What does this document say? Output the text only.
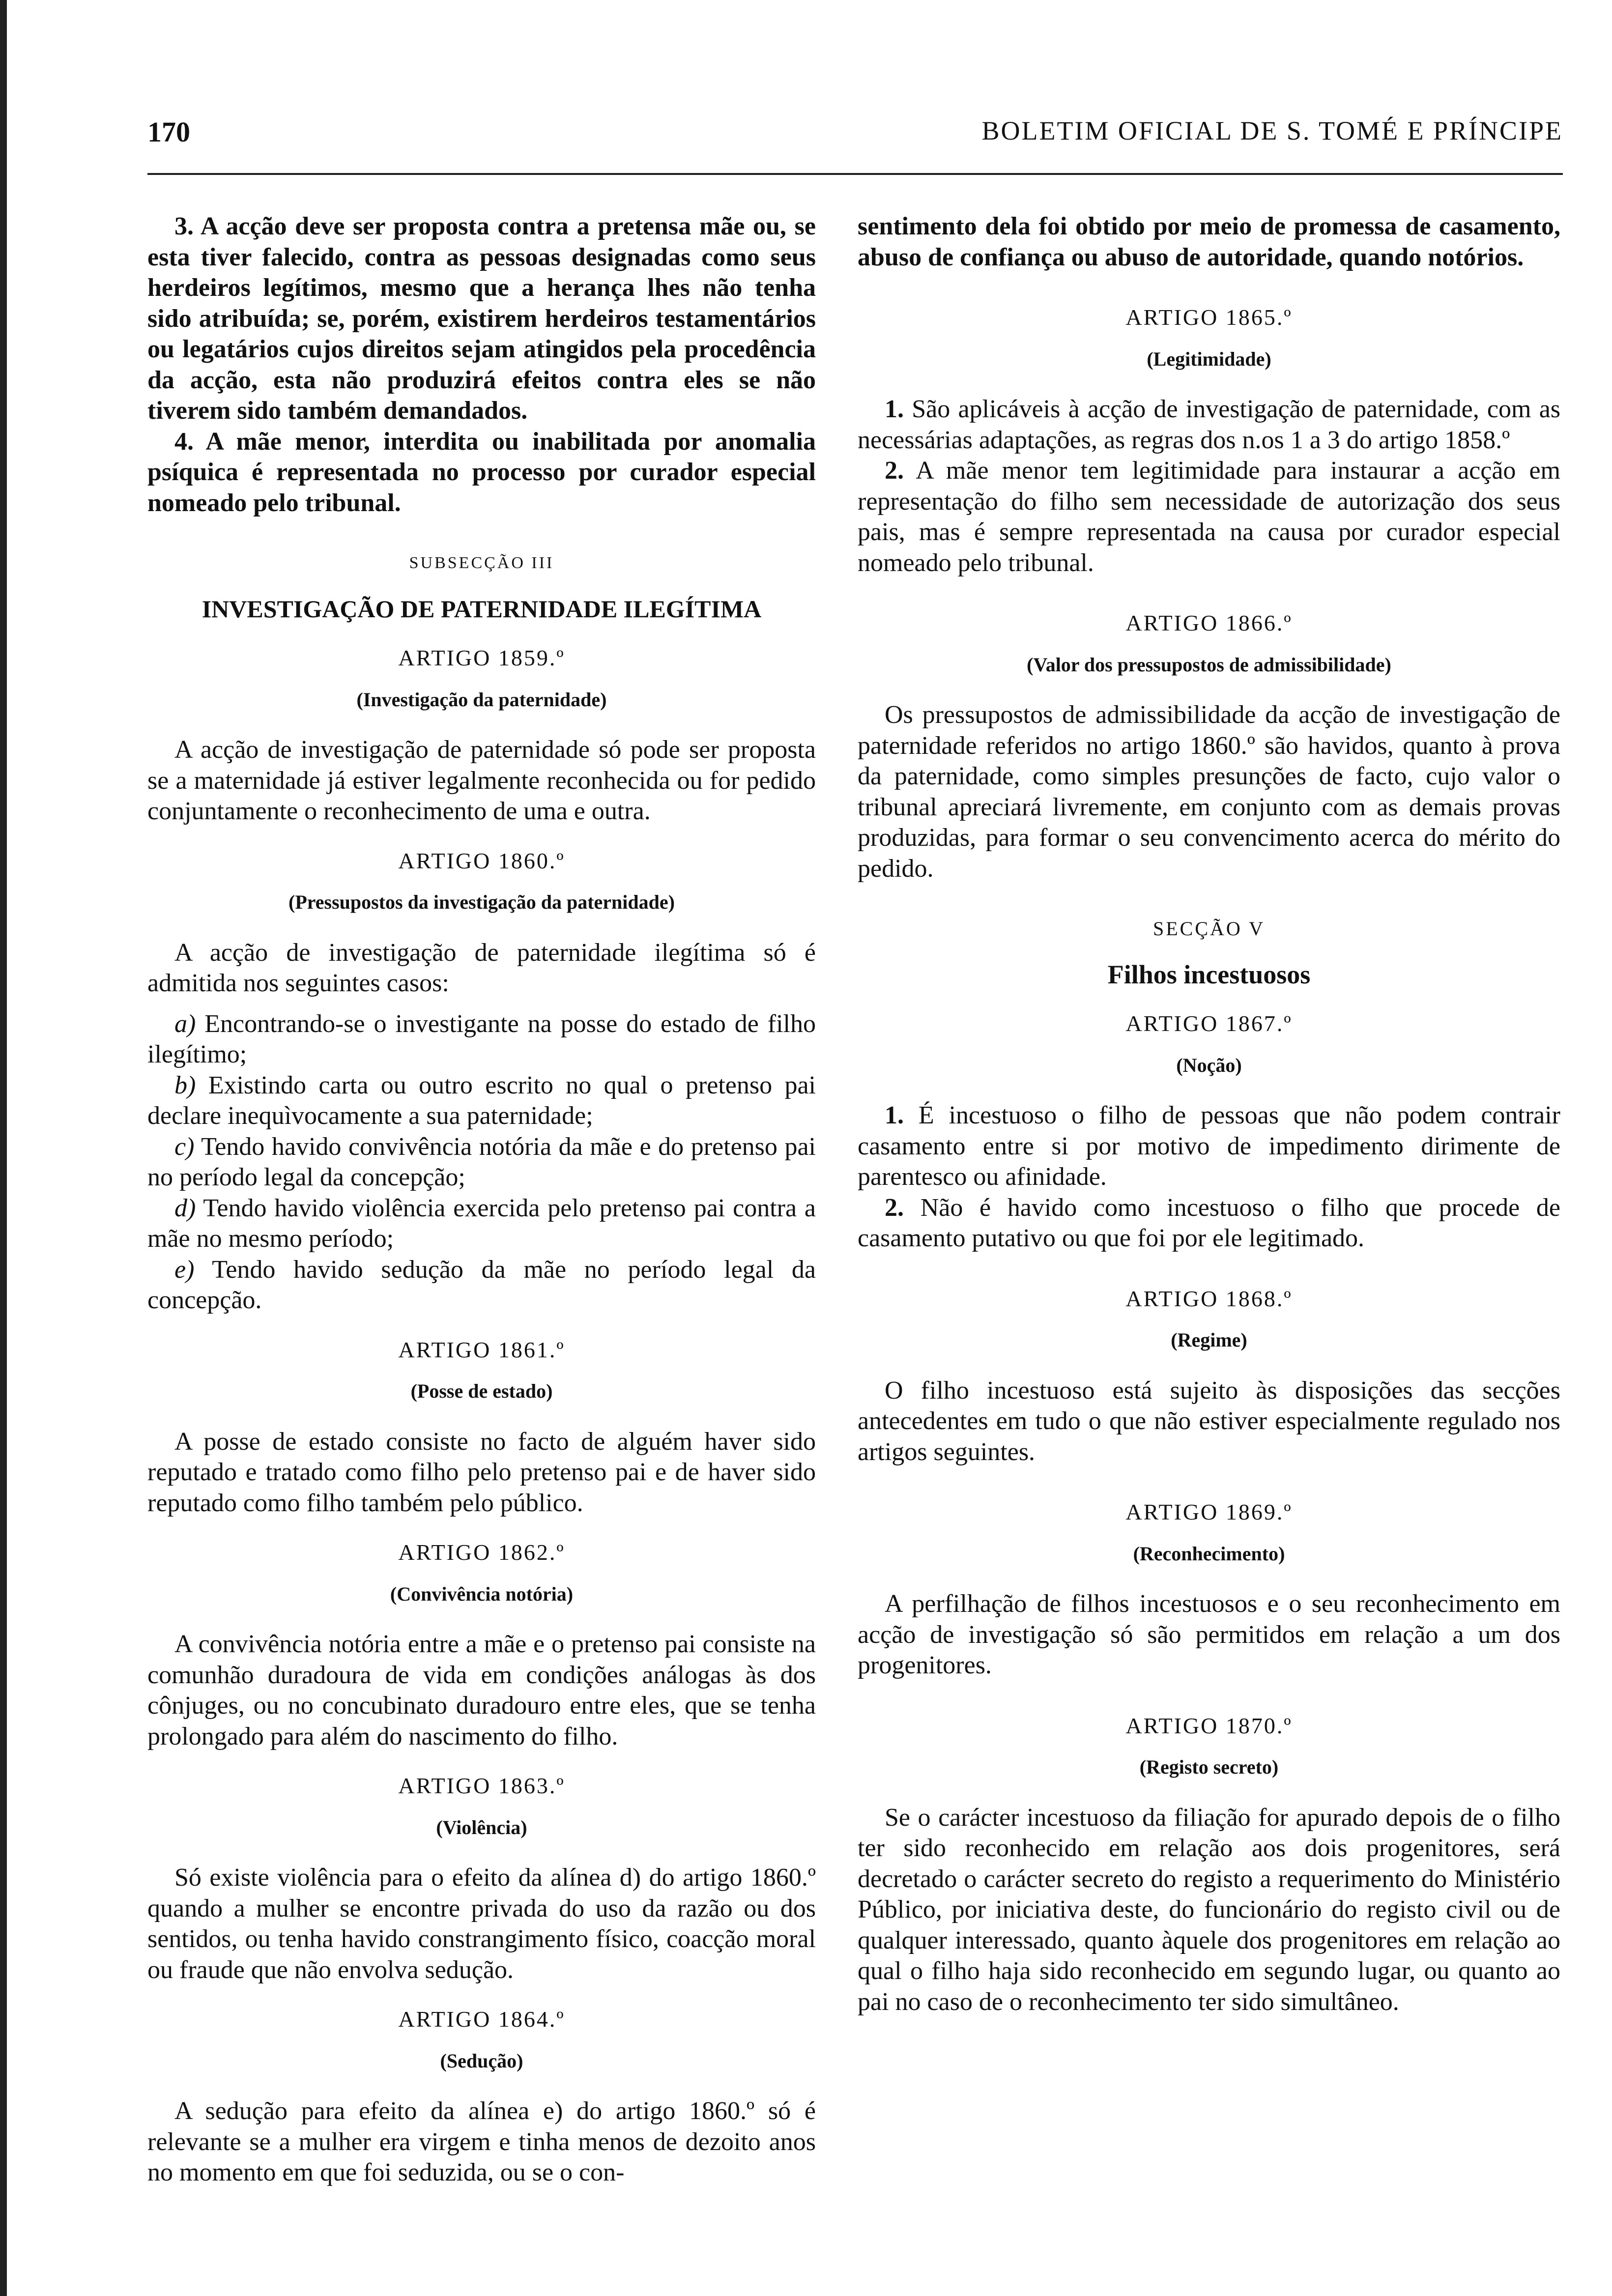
170	BOLETIM OFICIAL DE S. TOMÉ E PRÍNCIPE

3. A acção deve ser proposta contra a pretensa mãe ou, se esta tiver falecido, contra as pessoas designadas como seus herdeiros legítimos, mesmo que a herança lhes não tenha sido atribuída; se, porém, existirem herdeiros testamentários ou legatários cujos direitos sejam atingidos pela procedência da acção, esta não produzirá efeitos contra eles se não tiverem sido também demandados.

4. A mãe menor, interdita ou inabilitada por anomalia psíquica é representada no processo por curador especial nomeado pelo tribunal.

SUBSECÇÃO III
INVESTIGAÇÃO DE PATERNIDADE ILEGÍTIMA
ARTIGO 1859.º
(Investigação da paternidade)

A acção de investigação de paternidade só pode ser proposta se a maternidade já estiver legalmente reconhecida ou for pedido conjuntamente o reconhecimento de uma e outra.

ARTIGO 1860.º
(Pressupostos da investigação da paternidade)

A acção de investigação de paternidade ilegítima só é admitida nos seguintes casos:

a) Encontrando-se o investigante na posse do estado de filho ilegítimo;

b) Existindo carta ou outro escrito no qual o pretenso pai declare inequìvocamente a sua paternidade;

c) Tendo havido convivência notória da mãe e do pretenso pai no período legal da concepção;

d) Tendo havido violência exercida pelo pretenso pai contra a mãe no mesmo período;

e) Tendo havido sedução da mãe no período legal da concepção.

ARTIGO 1861.º
(Posse de estado)

A posse de estado consiste no facto de alguém haver sido reputado e tratado como filho pelo pretenso pai e de haver sido reputado como filho também pelo público.

ARTIGO 1862.º
(Convivência notória)

A convivência notória entre a mãe e o pretenso pai consiste na comunhão duradoura de vida em condições análogas às dos cônjuges, ou no concubinato duradouro entre eles, que se tenha prolongado para além do nascimento do filho.

ARTIGO 1863.º
(Violência)

Só existe violência para o efeito da alínea d) do artigo 1860.º quando a mulher se encontre privada do uso da razão ou dos sentidos, ou tenha havido constrangimento físico, coacção moral ou fraude que não envolva sedução.

ARTIGO 1864.º
(Sedução)

A sedução para efeito da alínea e) do artigo 1860.º só é relevante se a mulher era virgem e tinha menos de dezoito anos no momento em que foi seduzida, ou se o con-

sentimento dela foi obtido por meio de promessa de casamento, abuso de confiança ou abuso de autoridade, quando notórios.

ARTIGO 1865.º
(Legitimidade)

1. São aplicáveis à acção de investigação de paternidade, com as necessárias adaptações, as regras dos n.os 1 a 3 do artigo 1858.º

2. A mãe menor tem legitimidade para instaurar a acção em representação do filho sem necessidade de autorização dos seus pais, mas é sempre representada na causa por curador especial nomeado pelo tribunal.

ARTIGO 1866.º
(Valor dos pressupostos de admissibilidade)

Os pressupostos de admissibilidade da acção de investigação de paternidade referidos no artigo 1860.º são havidos, quanto à prova da paternidade, como simples presunções de facto, cujo valor o tribunal apreciará livremente, em conjunto com as demais provas produzidas, para formar o seu convencimento acerca do mérito do pedido.

SECÇÃO V
Filhos incestuosos
ARTIGO 1867.º
(Noção)

1. É incestuoso o filho de pessoas que não podem contrair casamento entre si por motivo de impedimento dirimente de parentesco ou afinidade.

2. Não é havido como incestuoso o filho que procede de casamento putativo ou que foi por ele legitimado.

ARTIGO 1868.º
(Regime)

O filho incestuoso está sujeito às disposições das secções antecedentes em tudo o que não estiver especialmente regulado nos artigos seguintes.

ARTIGO 1869.º
(Reconhecimento)

A perfilhação de filhos incestuosos e o seu reconhecimento em acção de investigação só são permitidos em relação a um dos progenitores.

ARTIGO 1870.º
(Registo secreto)

Se o carácter incestuoso da filiação for apurado depois de o filho ter sido reconhecido em relação aos dois progenitores, será decretado o carácter secreto do registo a requerimento do Ministério Público, por iniciativa deste, do funcionário do registo civil ou de qualquer interessado, quanto àquele dos progenitores em relação ao qual o filho haja sido reconhecido em segundo lugar, ou quanto ao pai no caso de o reconhecimento ter sido simultâneo.
